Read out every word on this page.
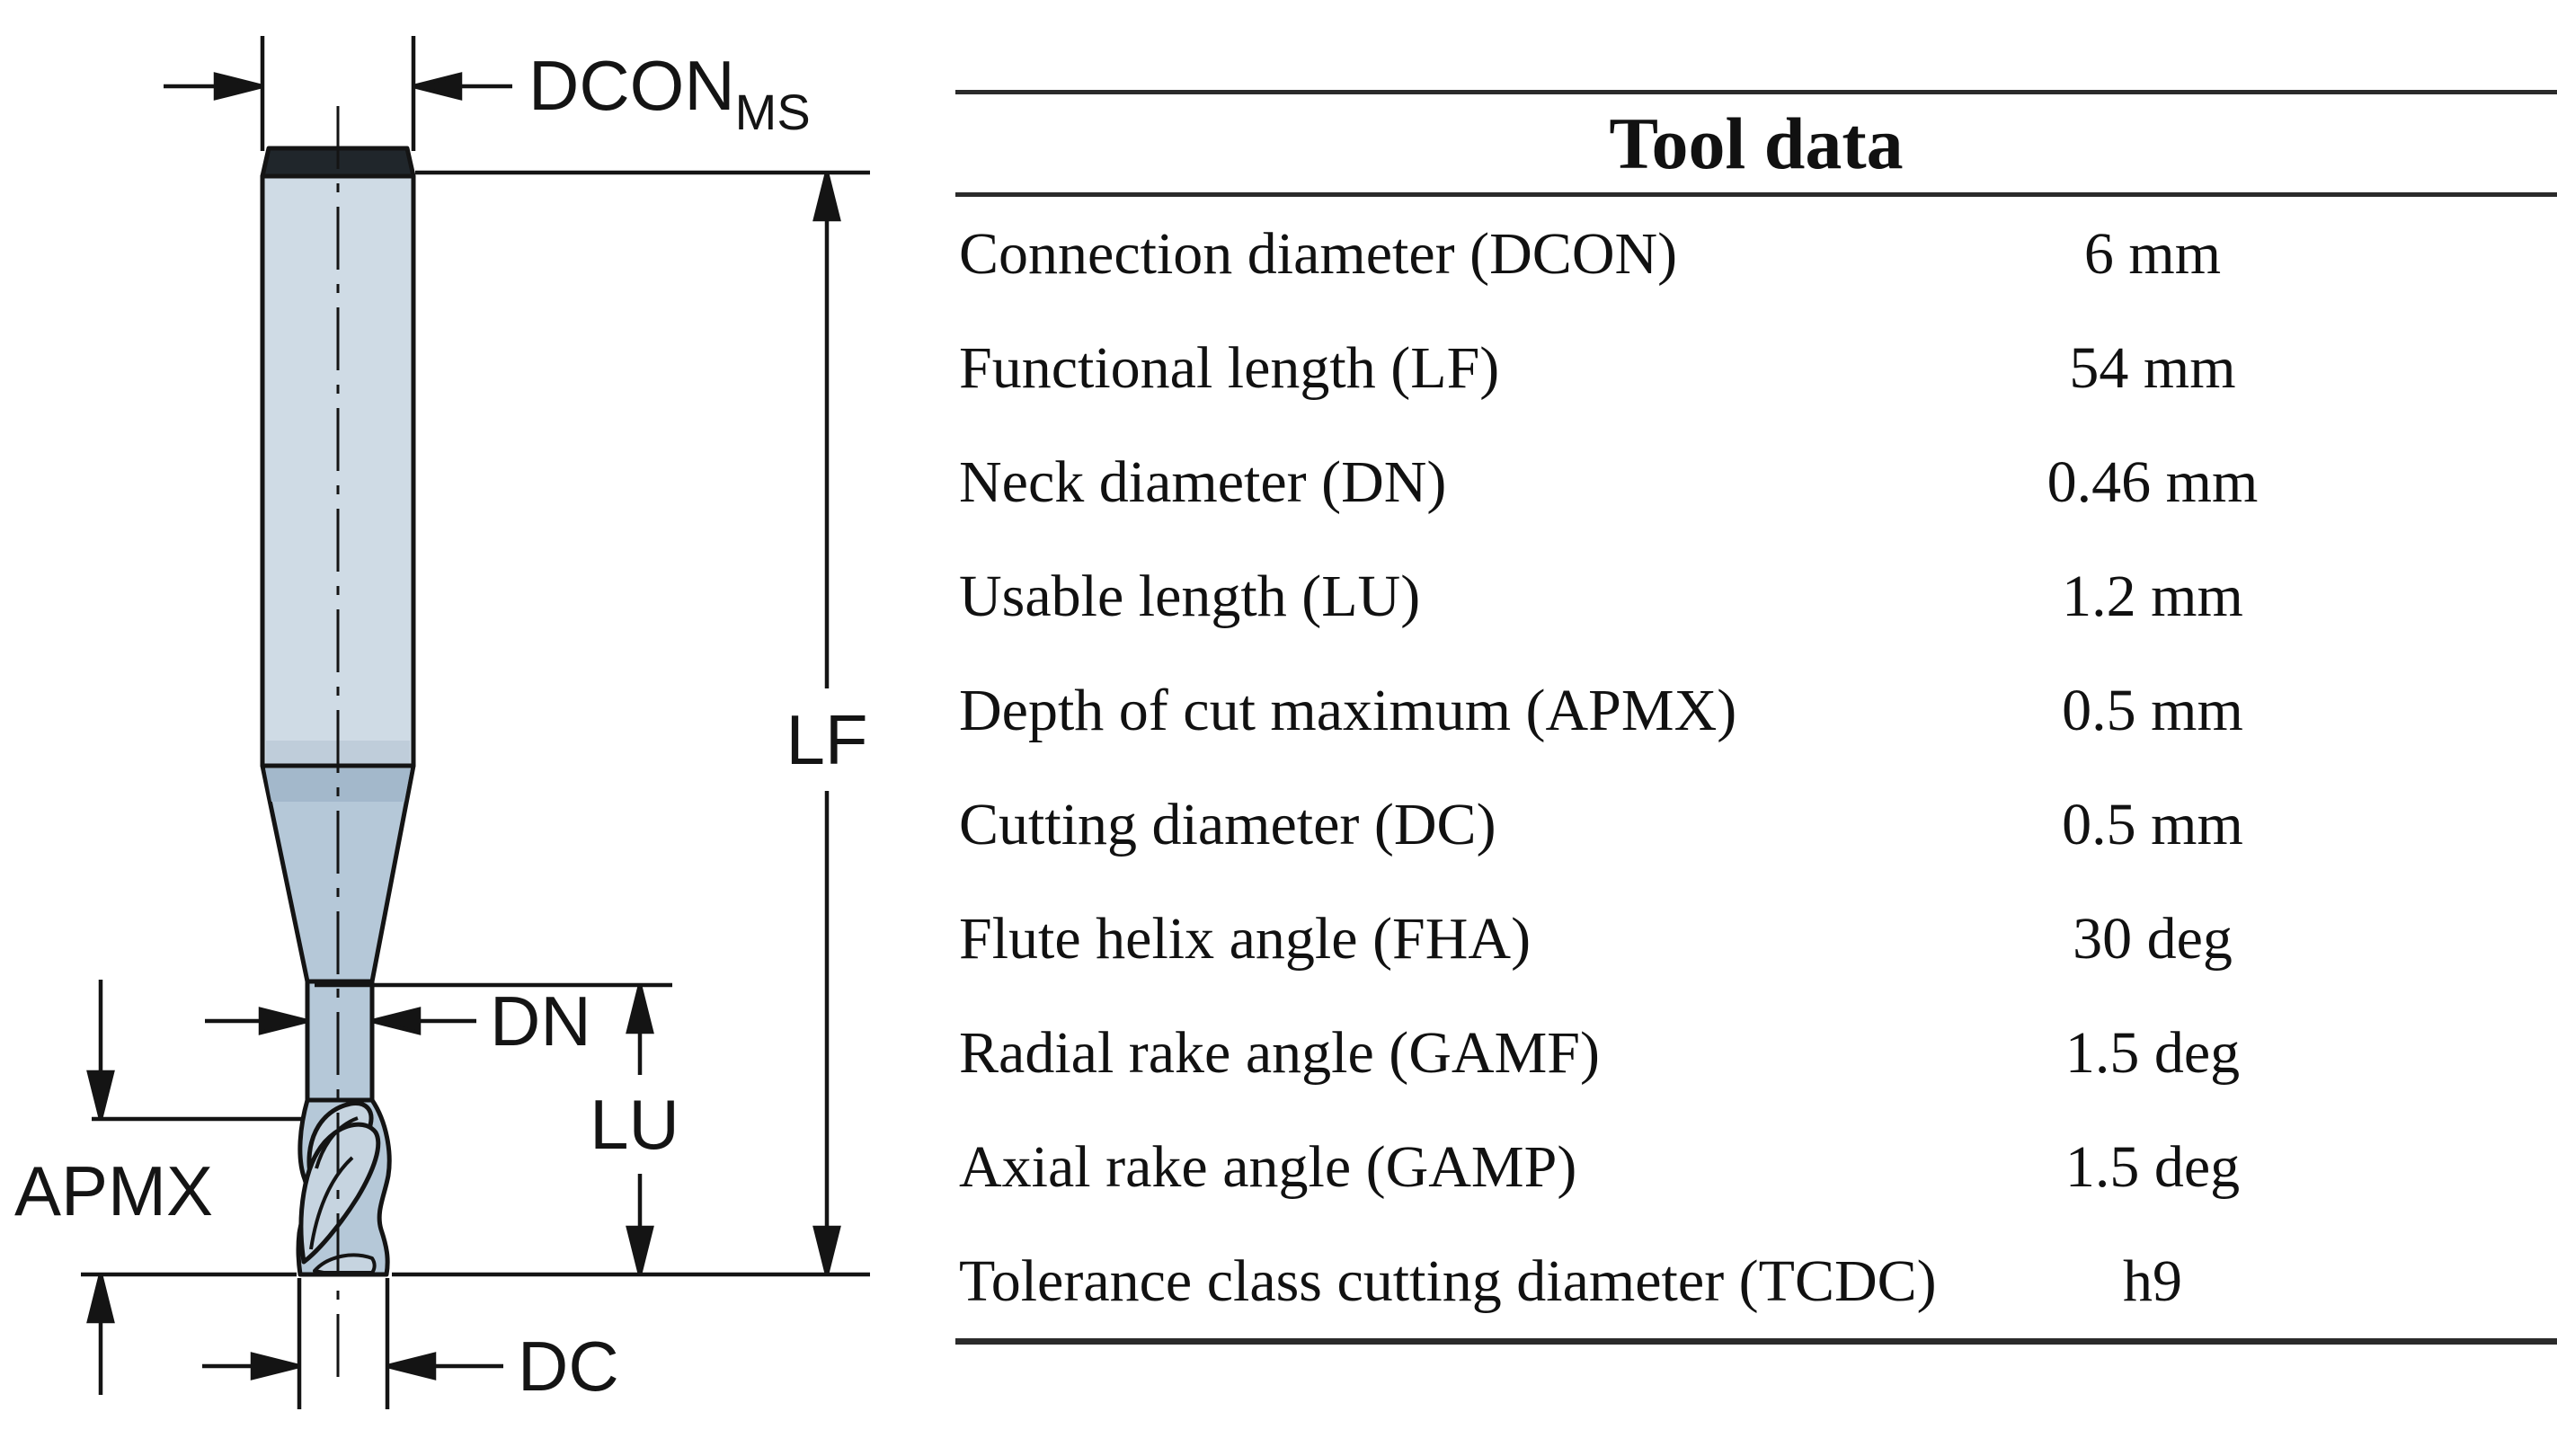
$DCON_{MS}$
LF
DN
LU
APMX
DC
Tool data
Connection diameter (DCON)	6 mm
Functional length (LF)	54 mm
Neck diameter (DN)	0.46 mm
Usable length (LU)	1.2 mm
Depth of cut maximum (APMX)	0.5 mm
Cutting diameter (DC)	0.5 mm
Flute helix angle (FHA)	30 deg
Radial rake angle (GAMF)	1.5 deg
Axial rake angle (GAMP)	1.5 deg
Tolerance class cutting diameter (TCDC)	h9
